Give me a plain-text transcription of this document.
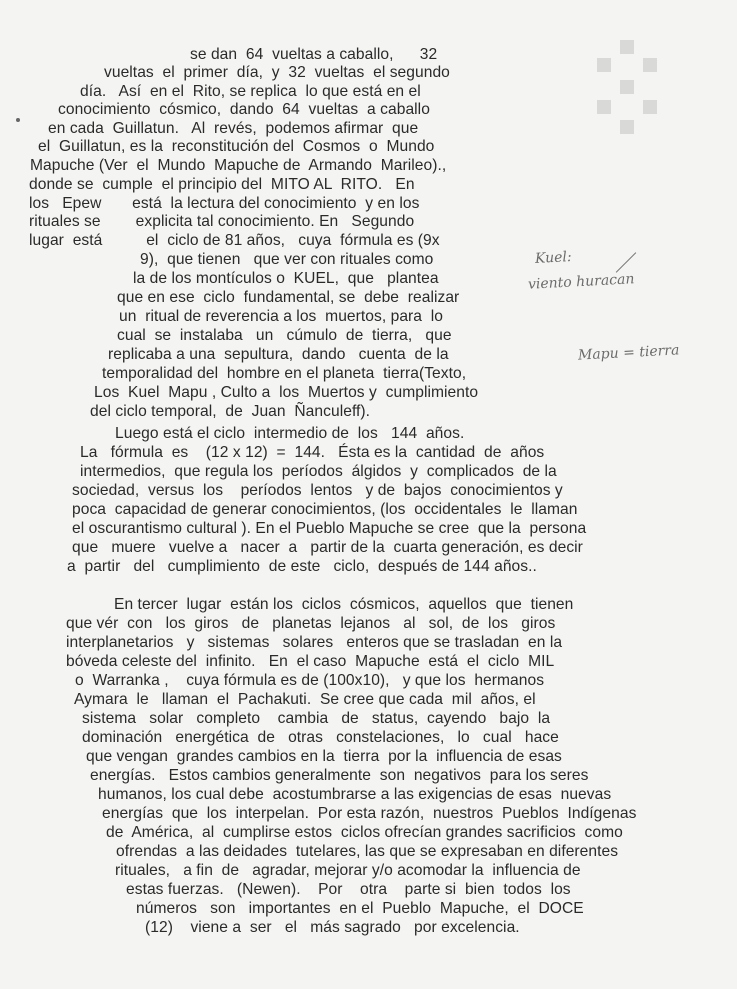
se dan  64  vueltas a caballo,      32
vueltas  el  primer  día,  y  32  vueltas  el segundo
día.   Así  en el  Rito, se replica  lo que está en el
conocimiento  cósmico,  dando  64  vueltas  a caballo
en cada  Guillatun.   Al  revés,  podemos afirmar  que
el  Guillatun, es la  reconstitución del  Cosmos  o  Mundo
Mapuche (Ver  el  Mundo  Mapuche de  Armando  Marileo).,
donde se  cumple  el principio del  MITO AL  RITO.   En
los   Epew       está  la lectura del conocimiento  y en los
rituales se        explicita tal conocimiento. En   Segundo
lugar  está          el  ciclo de 81 años,   cuya  fórmula es (9x
9),  que tienen   que ver con rituales como
la de los montículos o  KUEL,  que   plantea
que en ese  ciclo  fundamental, se  debe  realizar
un  ritual de reverencia a los  muertos, para  lo
cual  se  instalaba   un   cúmulo  de  tierra,   que
replicaba a una  sepultura,  dando   cuenta  de la
temporalidad del  hombre en el planeta  tierra(Texto,
Los  Kuel  Mapu , Culto a  los  Muertos y  cumplimiento
del ciclo temporal,  de  Juan  Ñanculeff).
Luego está el ciclo  intermedio de  los   144  años.
La   fórmula  es    (12 x 12)  =  144.   Ésta es la  cantidad  de  años
intermedios,  que regula los  períodos  álgidos  y  complicados  de la
sociedad,  versus  los    períodos  lentos   y de  bajos  conocimientos y
poca  capacidad de generar conocimientos, (los  occidentales  le  llaman
el oscurantismo cultural ). En el Pueblo Mapuche se cree  que la  persona
que   muere   vuelve a   nacer  a   partir de la  cuarta generación, es decir
a  partir   del   cumplimiento  de este   ciclo,  después de 144 años..
En tercer  lugar  están los  ciclos  cósmicos,  aquellos  que  tienen
que vér  con   los  giros   de   planetas  lejanos   al   sol,  de  los   giros
interplanetarios   y   sistemas   solares   enteros que se trasladan  en la
bóveda celeste del  infinito.   En  el caso  Mapuche  está  el  ciclo  MIL
o  Warranka ,    cuya fórmula es de (100x10),   y que los  hermanos
Aymara  le   llaman  el  Pachakuti.  Se cree que cada  mil  años, el
sistema   solar   completo    cambia   de   status,  cayendo   bajo  la
dominación   energética  de   otras   constelaciones,   lo   cual   hace
que vengan  grandes cambios en la  tierra  por la  influencia de esas
energías.   Estos cambios generalmente  son  negativos  para los seres
humanos, los cual debe  acostumbrarse a las exigencias de esas  nuevas
energías  que  los  interpelan.  Por esta razón,  nuestros  Pueblos  Indígenas
de  América,  al  cumplirse estos  ciclos ofrecían grandes sacrificios  como
ofrendas  a las deidades  tutelares, las que se expresaban en diferentes
rituales,   a fin  de   agradar, mejorar y/o acomodar la  influencia de
estas fuerzas.   (Newen).    Por    otra    parte si  bien  todos  los
números   son   importantes  en el  Pueblo  Mapuche,  el  DOCE
(12)    viene a  ser   el   más sagrado   por excelencia.
Kuel:
viento huracan
Mapu = tierra
